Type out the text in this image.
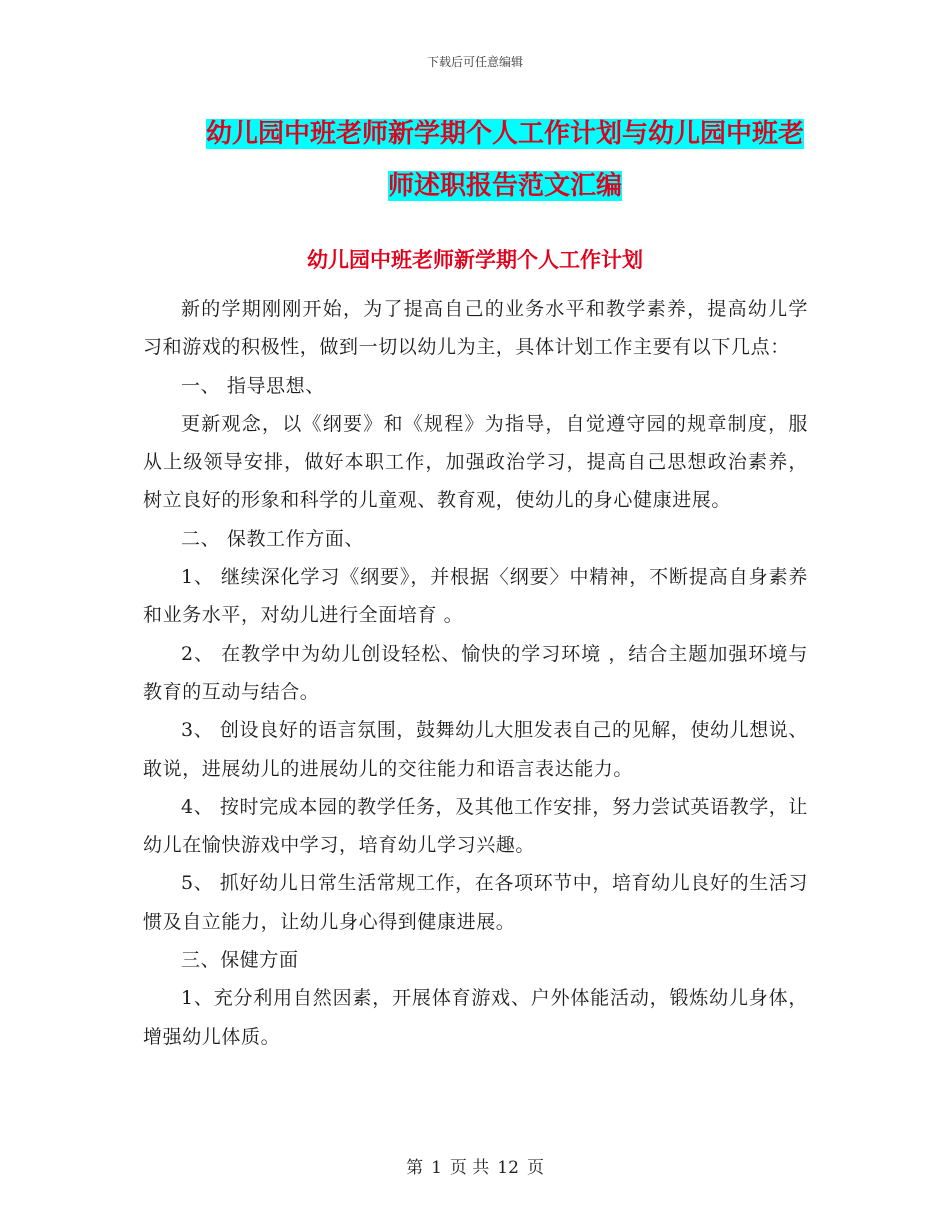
下载后可任意编辑
幼儿园中班老师新学期个人工作计划与幼儿园中班老师述职报告范文汇编
幼儿园中班老师新学期个人工作计划

新的学期刚刚开始，为了提高自己的业务水平和教学素养，提高幼儿学习和游戏的积极性，做到一切以幼儿为主，具体计划工作主要有以下几点：

一、 指导思想、

更新观念，以《纲要》和《规程》为指导，自觉遵守园的规章制度，服从上级领导安排，做好本职工作，加强政治学习，提高自己思想政治素养， 树立良好的形象和科学的儿童观、教育观，使幼儿的身心健康进展。

二、 保教工作方面、

1、 继续深化学习《纲要》，并根据〈纲要〉中精神，不断提高自身素养和业务水平，对幼儿进行全面培育 。

2、 在教学中为幼儿创设轻松、愉快的学习环境 ，结合主题加强环境与教育的互动与结合。

3、 创设良好的语言氛围，鼓舞幼儿大胆发表自己的见解，使幼儿想说、敢说，进展幼儿的进展幼儿的交往能力和语言表达能力。

4、 按时完成本园的教学任务，及其他工作安排，努力尝试英语教学，让幼儿在愉快游戏中学习，培育幼儿学习兴趣。

5、 抓好幼儿日常生活常规工作，在各项环节中，培育幼儿良好的生活习惯及自立能力，让幼儿身心得到健康进展。

三、保健方面

1、充分利用自然因素，开展体育游戏、户外体能活动，锻炼幼儿身体，增强幼儿体质。

第 1 页 共 12 页
